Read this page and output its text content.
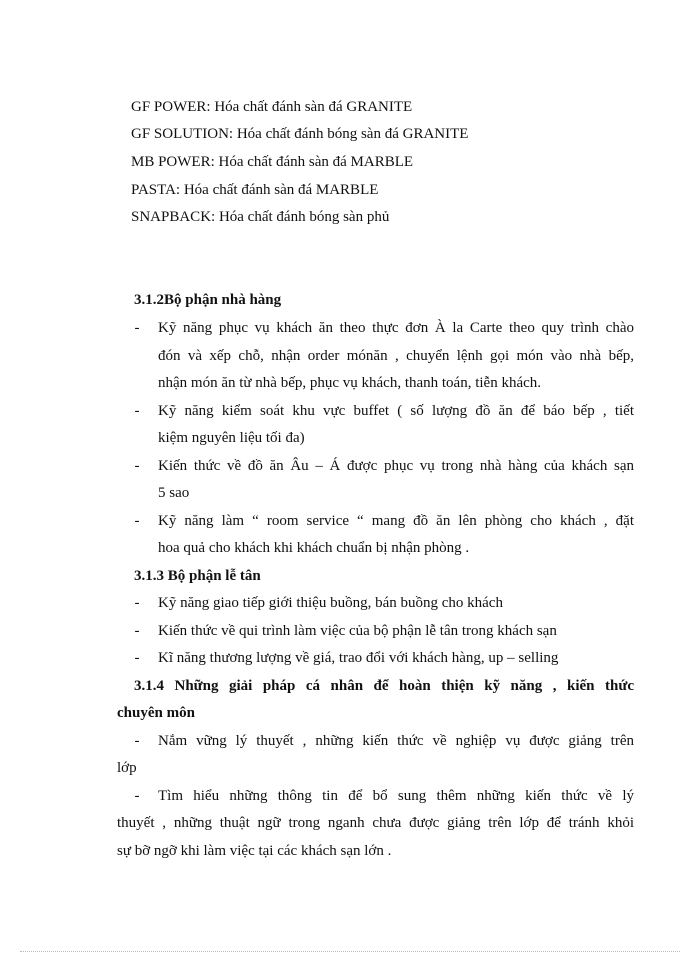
GF POWER: Hóa chất đánh sàn đá GRANITE
GF SOLUTION: Hóa chất đánh bóng sàn đá GRANITE
MB POWER: Hóa chất đánh sàn đá MARBLE
PASTA: Hóa chất đánh sàn đá MARBLE
SNAPBACK: Hóa chất đánh bóng sàn phủ
3.1.2Bộ phận nhà hàng
- Kỹ năng phục vụ khách ăn theo thực đơn À la Carte theo quy trình chào
đón và xếp chỗ, nhận order mónăn , chuyển lệnh gọi món vào nhà bếp,
nhận món ăn từ nhà bếp, phục vụ khách, thanh toán, tiễn khách.
- Kỹ năng kiểm soát khu vực buffet ( số lượng đồ ăn để báo bếp , tiết
kiệm nguyên liệu tối đa)
- Kiến thức về đồ ăn Âu – Á được phục vụ trong nhà hàng của khách sạn
5 sao
- Kỹ năng làm “ room service “ mang đồ ăn lên phòng cho khách , đặt
hoa quả cho khách khi khách chuẩn bị nhận phòng .
3.1.3 Bộ phận lễ tân
- Kỹ năng giao tiếp giới thiệu buồng, bán buồng cho khách
- Kiến thức về qui trình làm việc của bộ phận lễ tân trong khách sạn
- Kĩ năng thương lượng về giá, trao đổi với khách hàng, up – selling
3.1.4 Những giải pháp cá nhân để hoàn thiện kỹ năng , kiến thức
chuyên môn
- Nắm vững lý thuyết , những kiến thức về nghiệp vụ được giảng trên
lớp
- Tìm hiểu những thông tin để bổ sung thêm những kiến thức về lý
thuyết , những thuật ngữ trong nganh chưa được giảng trên lớp để tránh khỏi
sự bỡ ngỡ khi làm việc tại các khách sạn lớn .
